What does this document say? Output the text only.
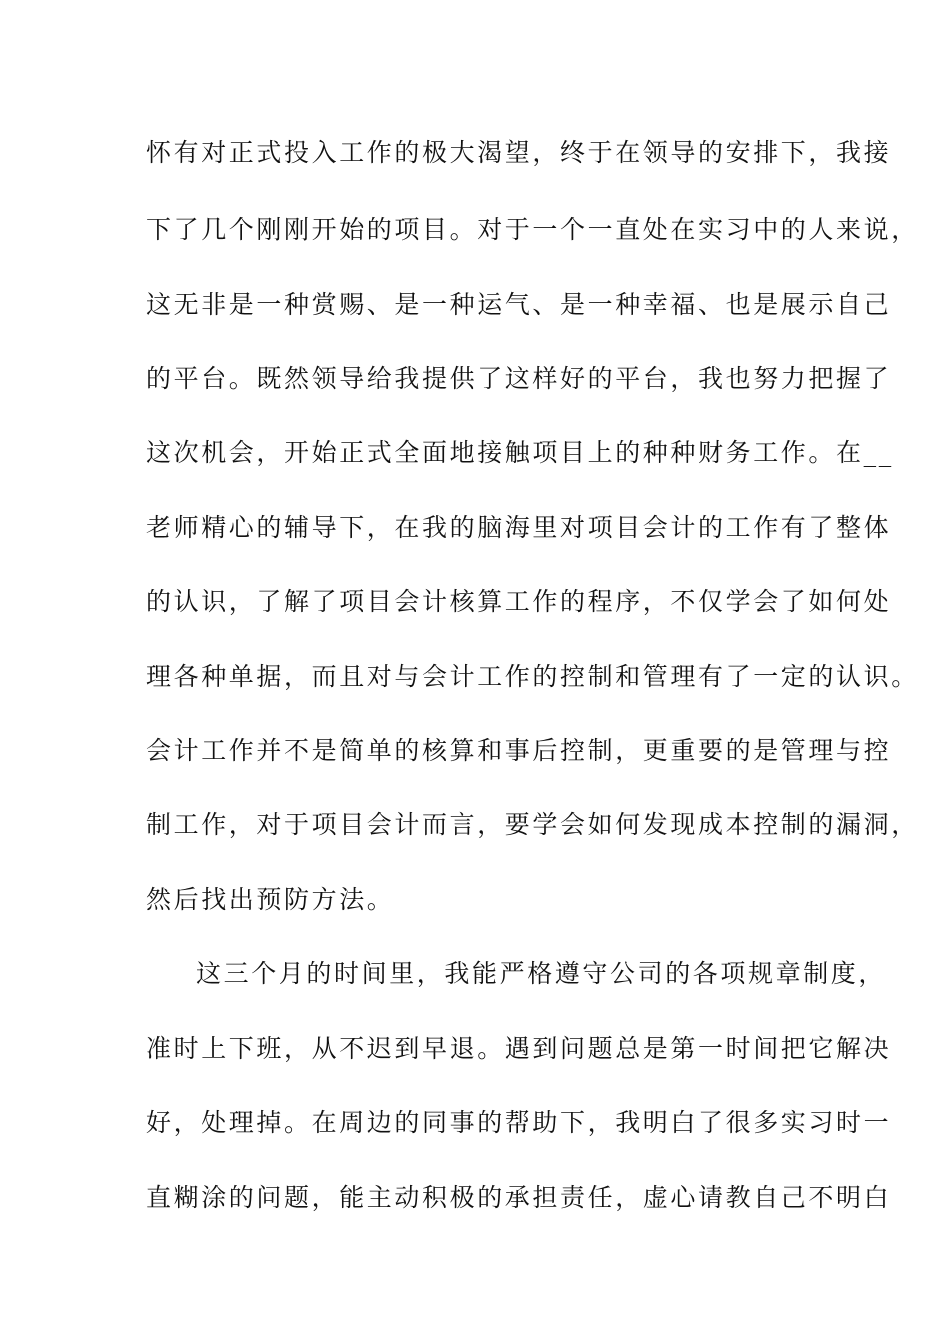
怀有对正式投入工作的极大渴望，终于在领导的安排下，我接
下了几个刚刚开始的项目。对于一个一直处在实习中的人来说，
这无非是一种赏赐、是一种运气、是一种幸福、也是展示自己
的平台。既然领导给我提供了这样好的平台，我也努力把握了
这次机会，开始正式全面地接触项目上的种种财务工作。在__
老师精心的辅导下，在我的脑海里对项目会计的工作有了整体
的认识，了解了项目会计核算工作的程序，不仅学会了如何处
理各种单据，而且对与会计工作的控制和管理有了一定的认识。
会计工作并不是简单的核算和事后控制，更重要的是管理与控
制工作，对于项目会计而言，要学会如何发现成本控制的漏洞，
然后找出预防方法。
这三个月的时间里，我能严格遵守公司的各项规章制度，
准时上下班，从不迟到早退。遇到问题总是第一时间把它解决
好，处理掉。在周边的同事的帮助下，我明白了很多实习时一
直糊涂的问题，能主动积极的承担责任，虚心请教自己不明白
